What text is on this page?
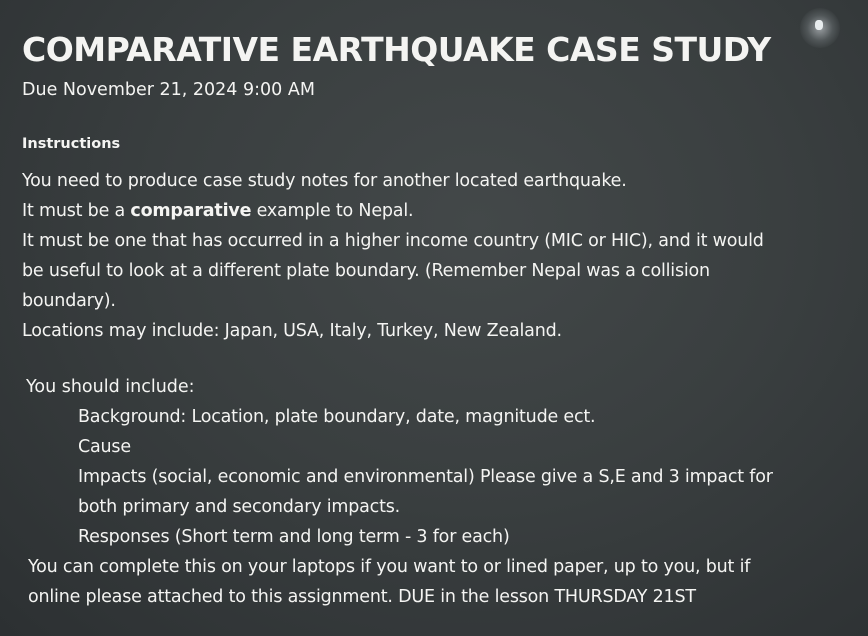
COMPARATIVE EARTHQUAKE CASE STUDY
Due November 21, 2024 9:00 AM
Instructions
You need to produce case study notes for another located earthquake.
It must be a comparative example to Nepal.
It must be one that has occurred in a higher income country (MIC or HIC), and it would
be useful to look at a different plate boundary. (Remember Nepal was a collision
boundary).
Locations may include: Japan, USA, Italy, Turkey, New Zealand.
You should include:
Background: Location, plate boundary, date, magnitude ect.
Cause
Impacts (social, economic and environmental) Please give a S,E and 3 impact for
both primary and secondary impacts.
Responses (Short term and long term - 3 for each)
You can complete this on your laptops if you want to or lined paper, up to you, but if
online please attached to this assignment. DUE in the lesson THURSDAY 21ST
